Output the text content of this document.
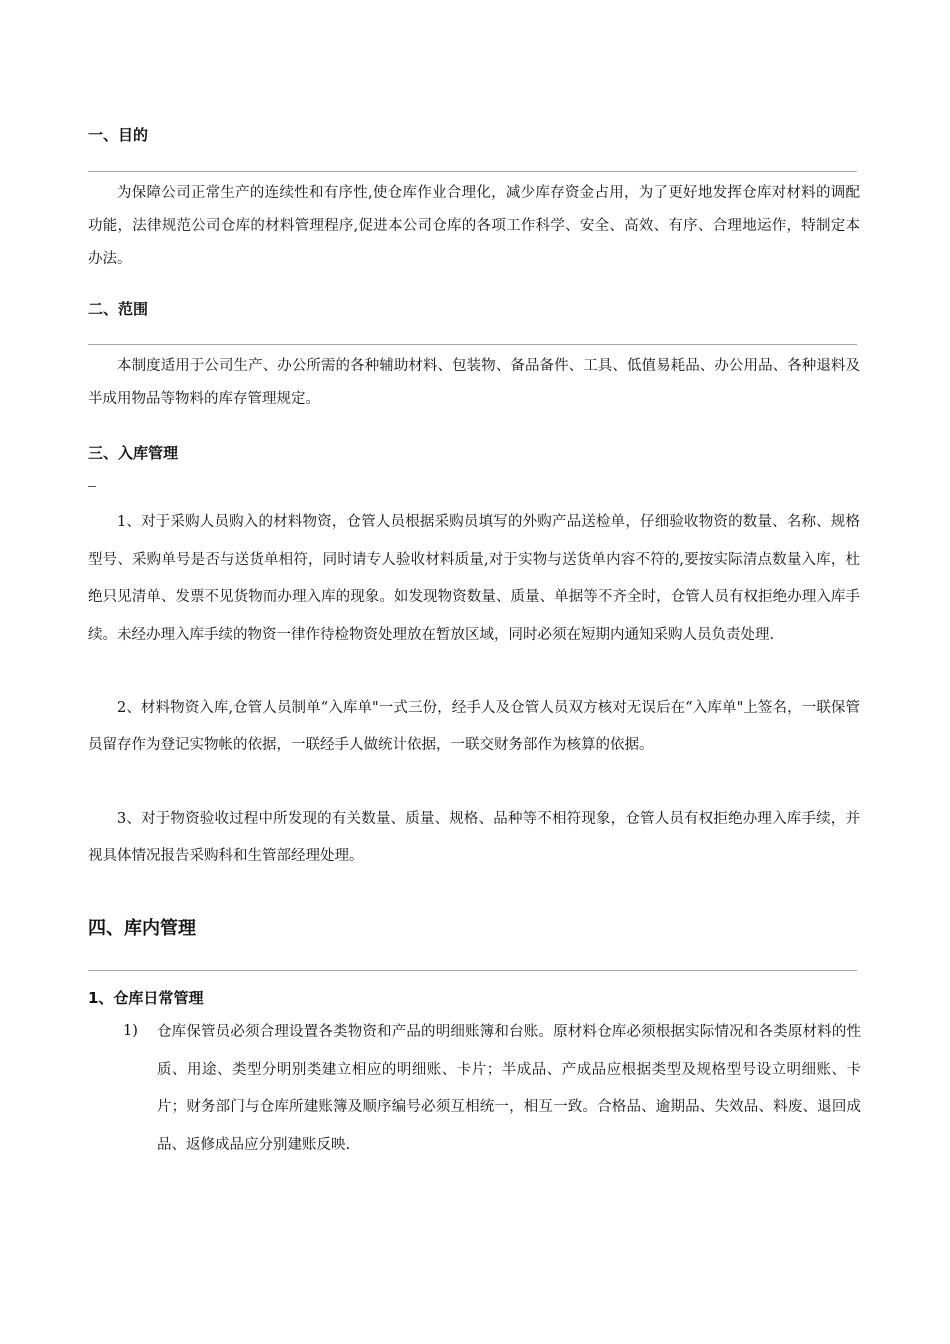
一、目的

为保障公司正常生产的连续性和有序性,使仓库作业合理化，减少库存资金占用，为了更好地发挥仓库对材料的调配功能，法律规范公司仓库的材料管理程序,促进本公司仓库的各项工作科学、安全、高效、有序、合理地运作，特制定本办法。

二、范围

本制度适用于公司生产、办公所需的各种辅助材料、包装物、备品备件、工具、低值易耗品、办公用品、各种退料及半成用物品等物料的库存管理规定。

三、入库管理

1、对于采购人员购入的材料物资，仓管人员根据采购员填写的外购产品送检单，仔细验收物资的数量、名称、规格型号、采购单号是否与送货单相符，同时请专人验收材料质量,对于实物与送货单内容不符的,要按实际清点数量入库，杜绝只见清单、发票不见货物而办理入库的现象。如发现物资数量、质量、单据等不齐全时，仓管人员有权拒绝办理入库手续。未经办理入库手续的物资一律作待检物资处理放在暂放区域，同时必须在短期内通知采购人员负责处理.

2、材料物资入库,仓管人员制单“入库单"一式三份，经手人及仓管人员双方核对无误后在“入库单"上签名，一联保管员留存作为登记实物帐的依据，一联经手人做统计依据，一联交财务部作为核算的依据。

3、对于物资验收过程中所发现的有关数量、质量、规格、品种等不相符现象，仓管人员有权拒绝办理入库手续，并视具体情况报告采购科和生管部经理处理。

四、库内管理
1、仓库日常管理
1) 仓库保管员必须合理设置各类物资和产品的明细账簿和台账。原材料仓库必须根据实际情况和各类原材料的性质、用途、类型分明别类建立相应的明细账、卡片；半成品、产成品应根据类型及规格型号设立明细账、卡片；财务部门与仓库所建账簿及顺序编号必须互相统一，相互一致。合格品、逾期品、失效品、料废、退回成品、返修成品应分别建账反映.
